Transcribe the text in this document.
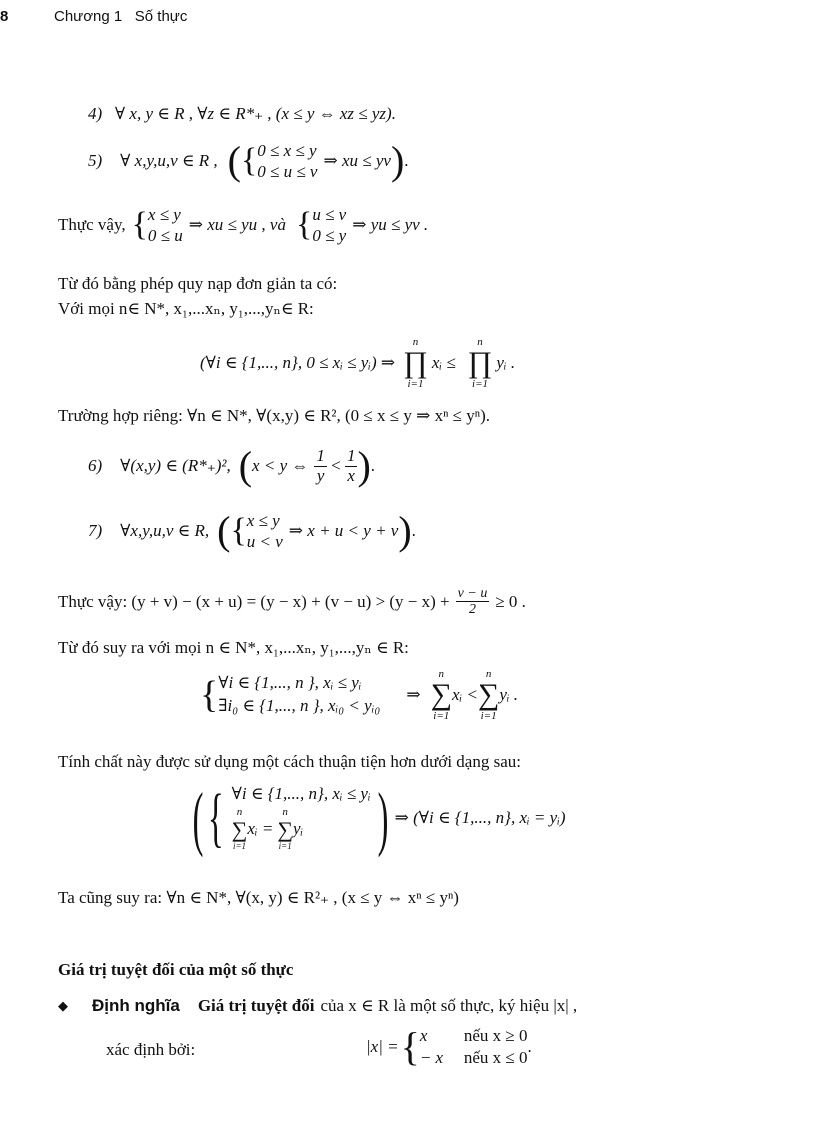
8	Chương 1 Số thực
4) ∀ x, y ∈ R , ∀z ∈ R*₊ , (x ≤ y ⇔ xz ≤ yz).
5) ∀ x,y,u,v ∈ R , ( { 0 ≤ x ≤ y
0 ≤ u ≤ v
⇒ xu ≤ yv ) .
Thực vậy, { x ≤ y
0 ≤ u
⇒ xu ≤ yu , và { u ≤ v
0 ≤ y
⇒ yu ≤ yv .
Từ đó bằng phép quy nạp đơn giản ta có:
Với mọi n∈ N*, x₁,...xₙ, y₁,...,yₙ∈ R:
(∀i ∈ {1,..., n}, 0 ≤ xᵢ ≤ yᵢ) ⇒
n
∏
i=1
xᵢ ≤
n
∏
i=1
yᵢ .
Trường hợp riêng: ∀n ∈ N*, ∀(x,y) ∈ R², (0 ≤ x ≤ y ⇒ xⁿ ≤ yⁿ).
6) ∀(x,y) ∈ (R*₊)², ( x < y ⇔ $\frac{1}{y} < \frac{1}{x}$ ) .
7) ∀x,y,u,v ∈ R, ( { x ≤ y
u < v
⇒ x + u < y + v ) .
Thực vậy: $(y + v) - (x + u) = (y - x) + (v - u) > (y - x) + \frac{v - u}{2} \ge 0$ .
Từ đó suy ra với mọi n ∈ N*, x₁,...xₙ, y₁,...,yₙ ∈ R:
{ ∀i ∈ {1,..., n }, xᵢ ≤ yᵢ
∃i₀ ∈ {1,..., n }, xᵢ₀ < yᵢ₀
⇒
n
∑
i=1
xᵢ <
n
∑
i=1
yᵢ .
Tính chất này được sử dụng một cách thuận tiện hơn dưới dạng sau:
( { ∀i ∈ {1,..., n}, xᵢ ≤ yᵢ
n
∑
i=1
xᵢ =
n
∑
i=1
yᵢ ) ⇒ (∀i ∈ {1,..., n}, xᵢ = yᵢ)
Ta cũng suy ra: ∀n ∈ N*, ∀(x, y) ∈ R²₊ , (x ≤ y ⇔ xⁿ ≤ yⁿ)
Giá trị tuyệt đối của một số thực
◆ Định nghĩa Giá trị tuyệt đối của x ∈ R là một số thực, ký hiệu |x| ,
xác định bởi:	|x| = { x	nếu x ≥ 0
− x	nếu x ≤ 0
.
